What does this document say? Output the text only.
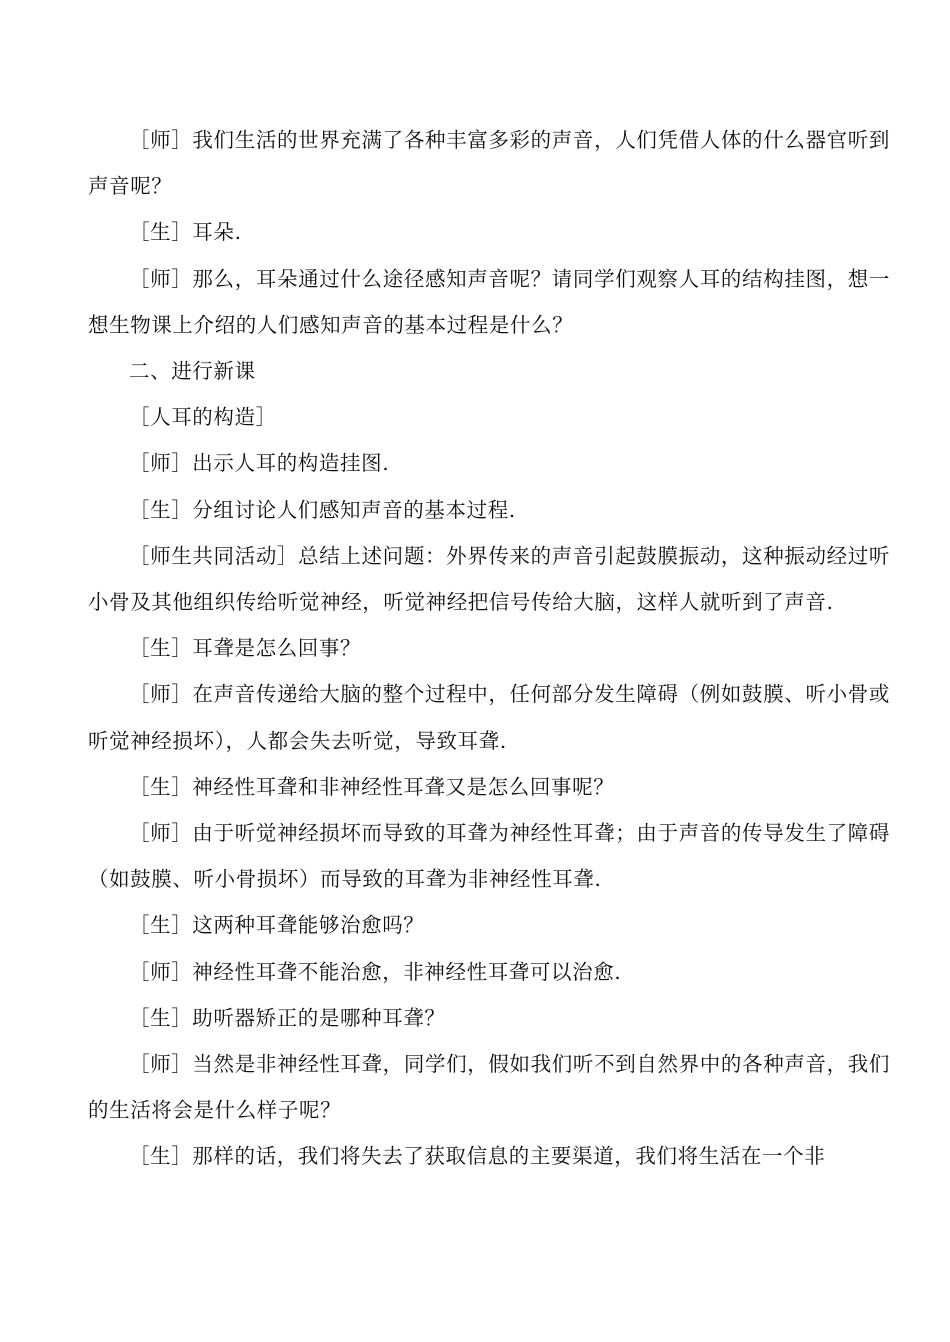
［师］我们生活的世界充满了各种丰富多彩的声音，人们凭借人体的什么器官听到声音呢？

［生］耳朵.

［师］那么，耳朵通过什么途径感知声音呢？请同学们观察人耳的结构挂图，想一想生物课上介绍的人们感知声音的基本过程是什么？

二、进行新课

［人耳的构造］

［师］出示人耳的构造挂图.

［生］分组讨论人们感知声音的基本过程.

［师生共同活动］总结上述问题：外界传来的声音引起鼓膜振动，这种振动经过听小骨及其他组织传给听觉神经，听觉神经把信号传给大脑，这样人就听到了声音.

［生］耳聋是怎么回事？

［师］在声音传递给大脑的整个过程中，任何部分发生障碍（例如鼓膜、听小骨或听觉神经损坏），人都会失去听觉，导致耳聋.

［生］神经性耳聋和非神经性耳聋又是怎么回事呢？

［师］由于听觉神经损坏而导致的耳聋为神经性耳聋；由于声音的传导发生了障碍（如鼓膜、听小骨损坏）而导致的耳聋为非神经性耳聋.

［生］这两种耳聋能够治愈吗？

［师］神经性耳聋不能治愈，非神经性耳聋可以治愈.

［生］助听器矫正的是哪种耳聋？

［师］当然是非神经性耳聋，同学们，假如我们听不到自然界中的各种声音，我们的生活将会是什么样子呢？

［生］那样的话，我们将失去了获取信息的主要渠道，我们将生活在一个非
